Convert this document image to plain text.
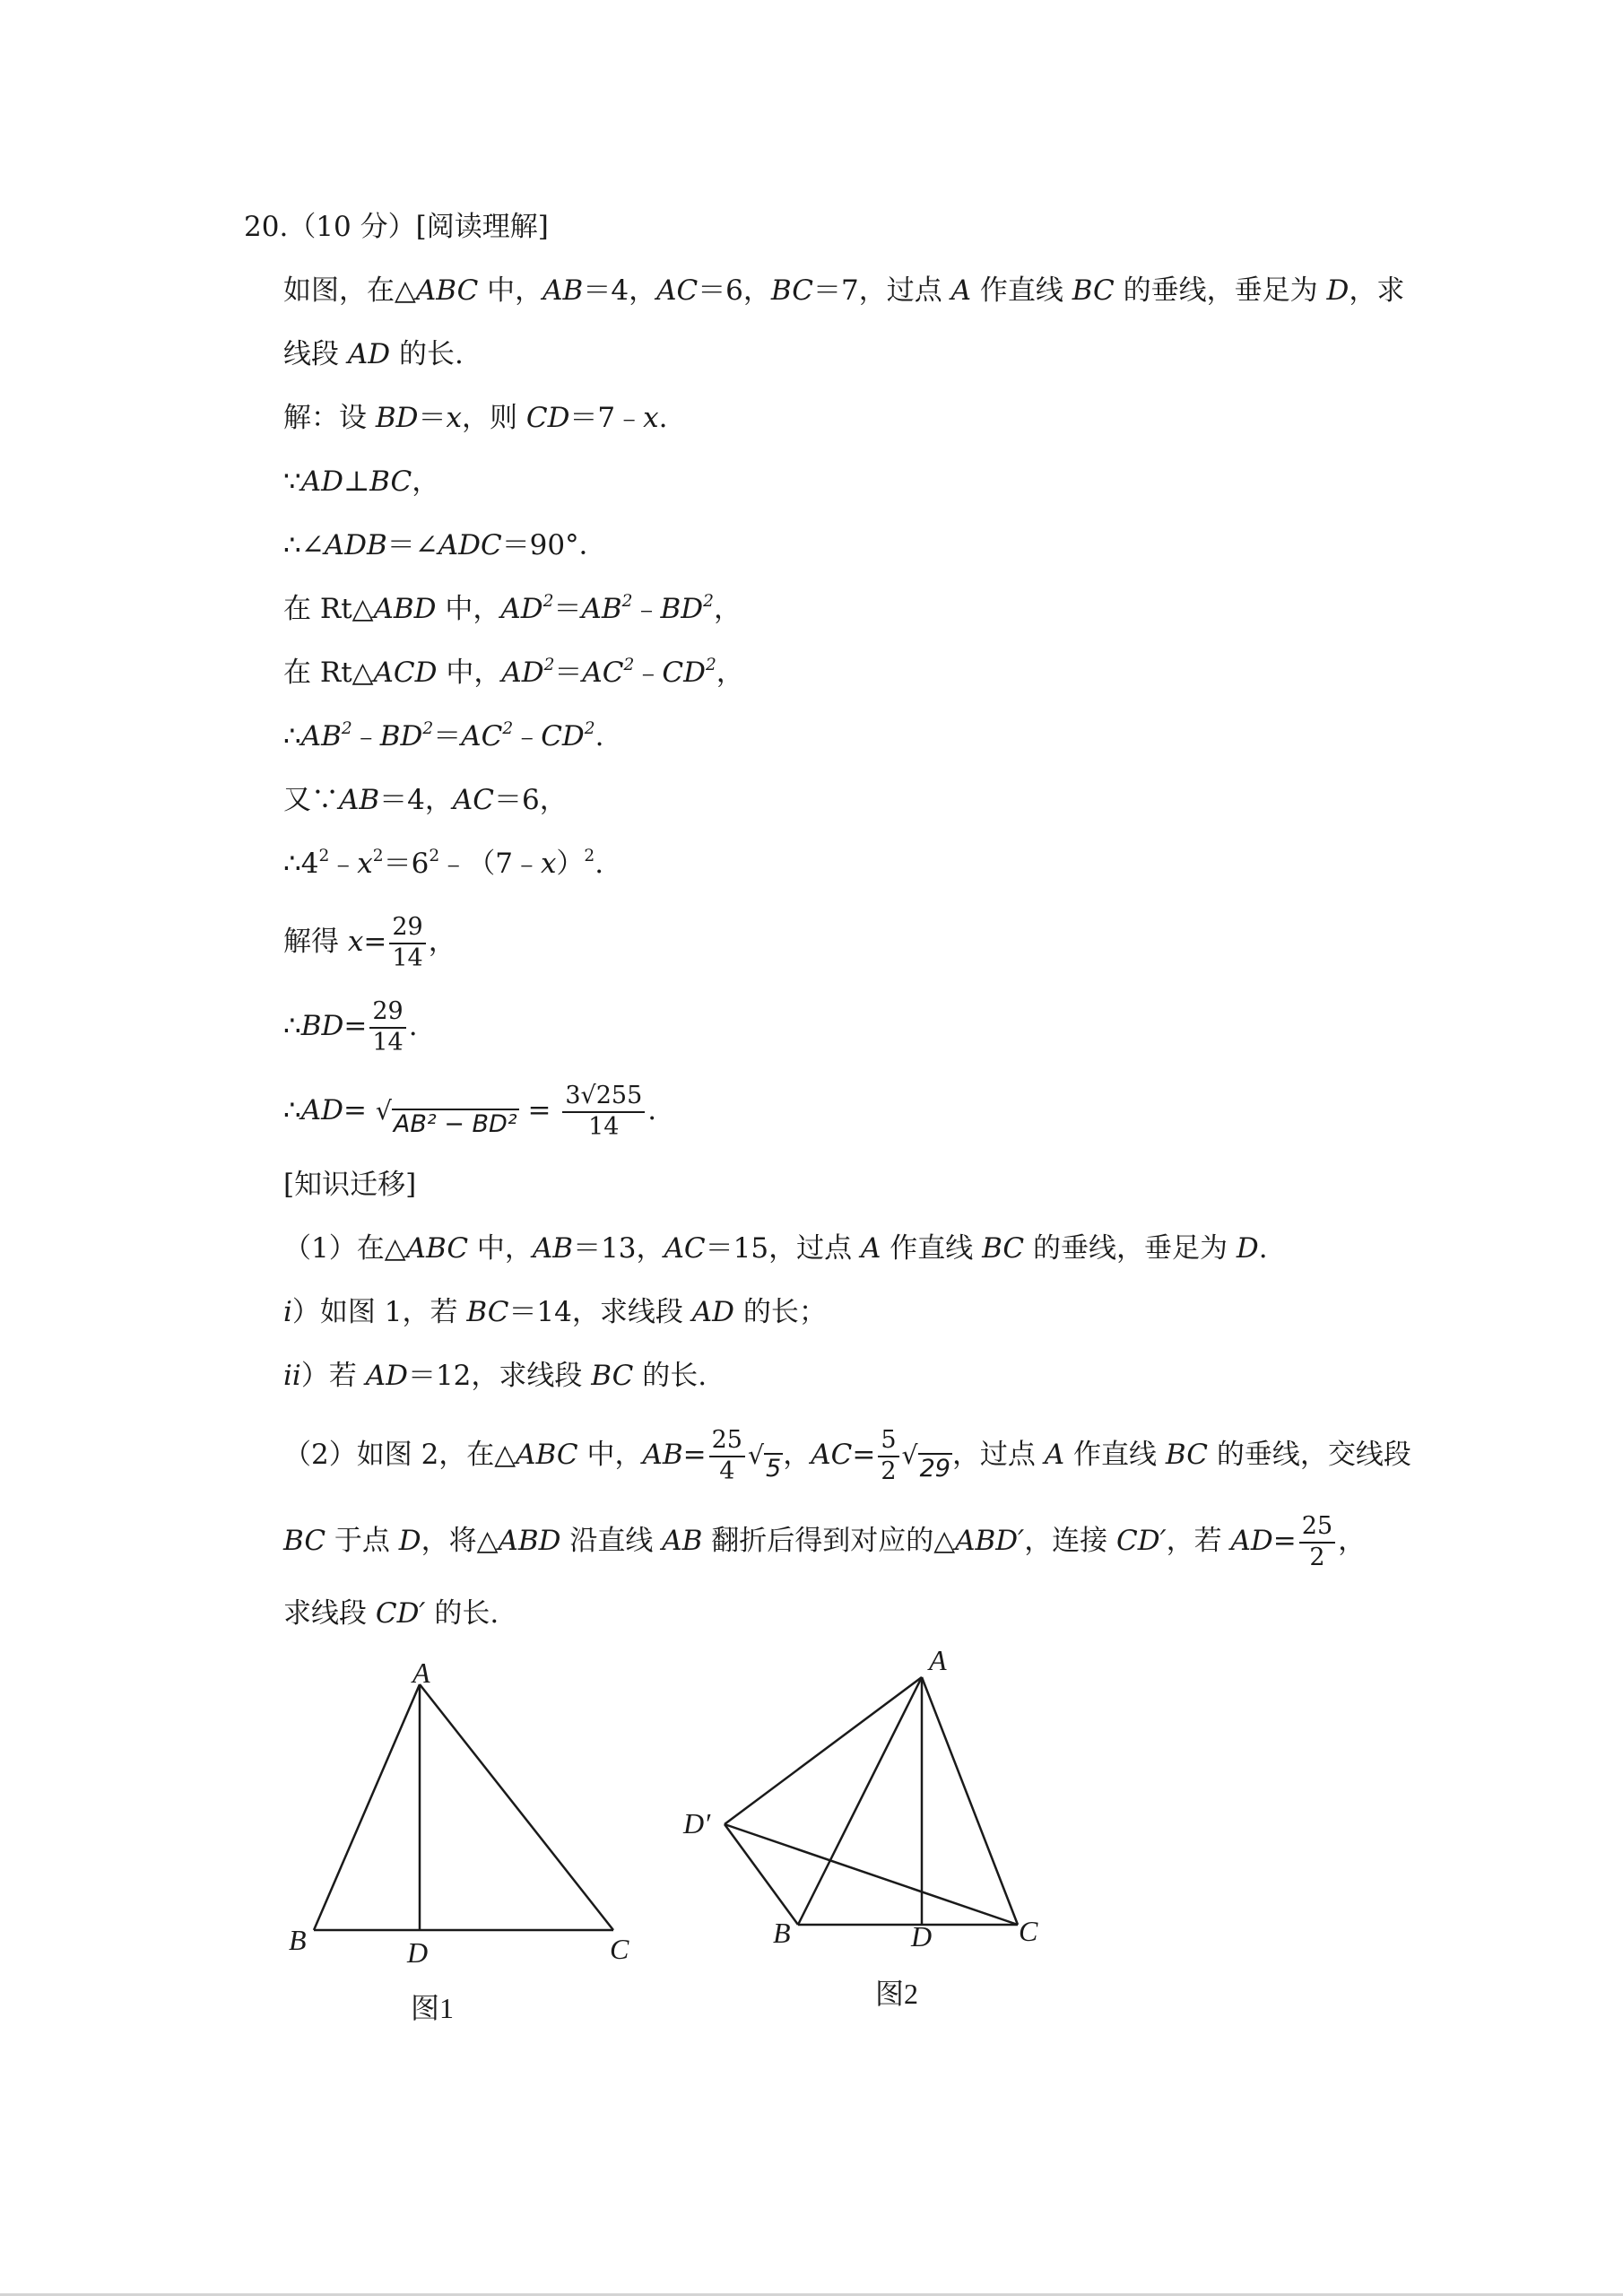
20.（10 分）[阅读理解]
如图，在△ABC 中，AB＝4，AC＝6，BC＝7，过点 A 作直线 BC 的垂线，垂足为 D，求
线段 AD 的长.
解：设 BD＝x，则 CD＝7﹣x.
∵AD⊥BC，
∴∠ADB＝∠ADC＝90°．
在 Rt△ABD 中，$AD^2=AB^2﹣BD^2$，
在 Rt△ACD 中，$AD^2=AC^2﹣CD^2$，
$\therefore AB^2﹣BD^2=AC^2﹣CD^2$.
又∵AB＝4，AC＝6，
$\therefore 4^2﹣x^2=6^2﹣(7﹣x)^2$.
解得 $x= \frac{29}{14}$ ，
∴BD= $\frac{29}{14}$ .
∴AD= √ $AB^2 - BD^2 = \frac{3√255}{14}$ .
[知识迁移]
（1）在△ABC 中，AB＝13，AC＝15，过点 A 作直线 BC 的垂线，垂足为 D.
i）如图 1，若 BC＝14，求线段 AD 的长；
ii）若 AD＝12，求线段 BC 的长.
（2）如图 2，在△ABC 中，$AB= \frac{25}{4}$ √ 5 ，$AC= \frac{5}{2}$ √ 29 ，过点 A 作直线 BC 的垂线，交线段
BC 于点 D，将△ABD 沿直线 AB 翻折后得到对应的△ABD′，连接 CD′，若 $AD= \frac{25}{2}$ ，
求线段 CD′ 的长.
A
B	D	C
图1
A
D′
B	D	C
图2
